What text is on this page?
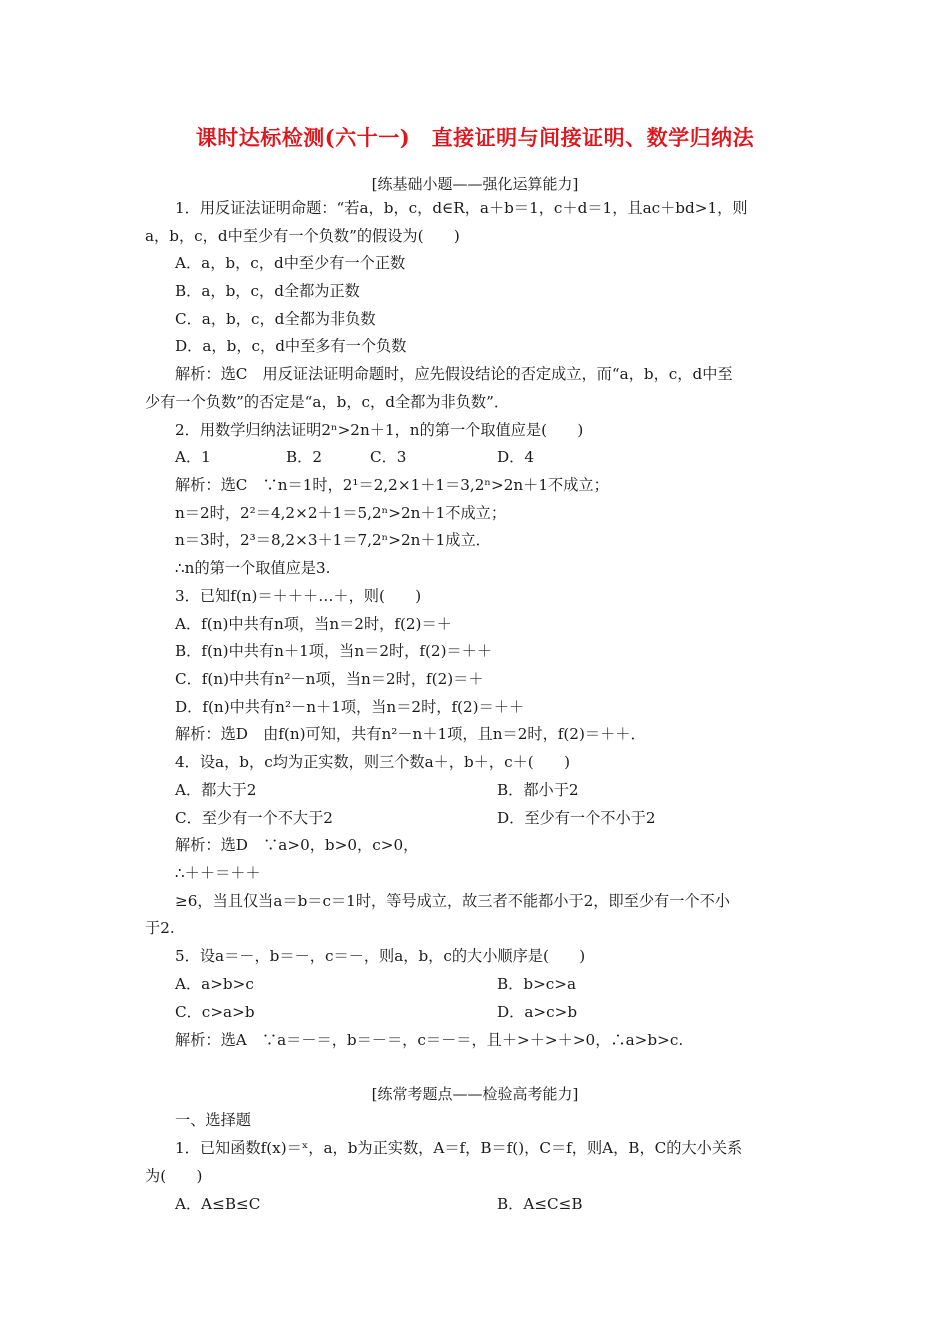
课时达标检测(六十一)　直接证明与间接证明、数学归纳法
[练基础小题——强化运算能力]
1．用反证法证明命题：“若a，b，c，d∈R，a＋b＝1，c＋d＝1，且ac＋bd>1，则
a，b，c，d中至少有一个负数”的假设为(　　)
A．a，b，c，d中至少有一个正数
B．a，b，c，d全都为正数
C．a，b，c，d全都为非负数
D．a，b，c，d中至多有一个负数
解析：选C　用反证法证明命题时，应先假设结论的否定成立，而“a，b，c，d中至
少有一个负数”的否定是“a，b，c，d全都为非负数”．
2．用数学归纳法证明2ⁿ>2n＋1，n的第一个取值应是(　　)
A．1	B．2	C．3	D．4
解析：选C　∵n＝1时，2¹＝2,2×1＋1＝3,2ⁿ>2n＋1不成立；
n＝2时，2²＝4,2×2＋1＝5,2ⁿ>2n＋1不成立；
n＝3时，2³＝8,2×3＋1＝7,2ⁿ>2n＋1成立．
∴n的第一个取值应是3.
3．已知f(n)＝＋＋＋…＋，则(　　)
A．f(n)中共有n项，当n＝2时，f(2)＝＋
B．f(n)中共有n＋1项，当n＝2时，f(2)＝＋＋
C．f(n)中共有n²－n项，当n＝2时，f(2)＝＋
D．f(n)中共有n²－n＋1项，当n＝2时，f(2)＝＋＋
解析：选D　由f(n)可知，共有n²－n＋1项，且n＝2时，f(2)＝＋＋．
4．设a，b，c均为正实数，则三个数a＋，b＋，c＋(　　)
A．都大于2	B．都小于2
C．至少有一个不大于2	D．至少有一个不小于2
解析：选D　∵a>0，b>0，c>0，
∴＋＋＝＋＋
≥6，当且仅当a＝b＝c＝1时，等号成立，故三者不能都小于2，即至少有一个不小
于2.
5．设a＝－，b＝－，c＝－，则a，b，c的大小顺序是(　　)
A．a>b>c	B．b>c>a
C．c>a>b	D．a>c>b
解析：选A　∵a＝－＝，b＝－＝，c＝－＝，且＋>＋>＋>0，∴a>b>c.
[练常考题点——检验高考能力]
一、选择题
1．已知函数f(x)＝ˣ，a，b为正实数，A＝f，B＝f()，C＝f，则A，B，C的大小关系
为(　　)
A．A≤B≤C	B．A≤C≤B
